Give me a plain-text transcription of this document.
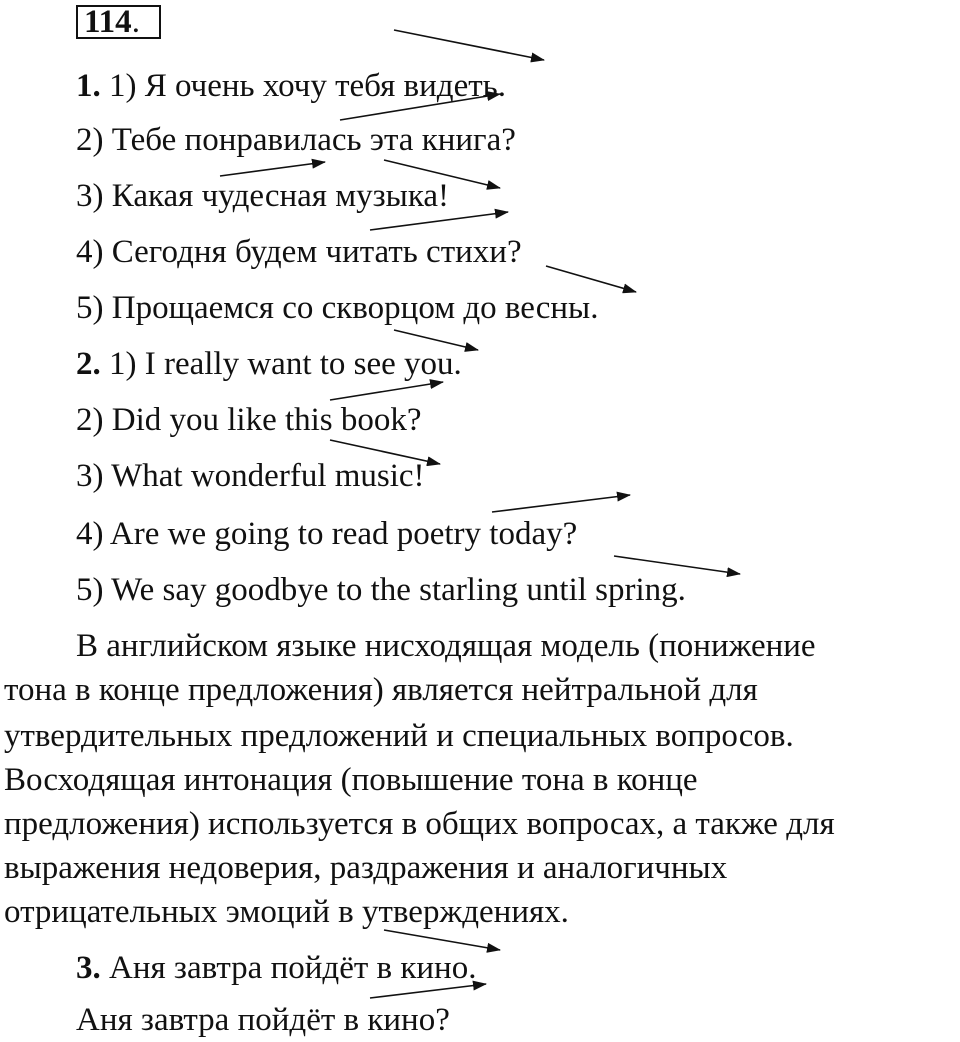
114.
1. 1) Я очень хочу тебя видеть.
2) Тебе понравилась эта книга?
3) Какая чудесная музыка!
4) Сегодня будем читать стихи?
5) Прощаемся со скворцом до весны.
2. 1) I really want to see you.
2) Did you like this book?
3) What wonderful music!
4) Are we going to read poetry today?
5) We say goodbye to the starling until spring.
В английском языке нисходящая модель (понижение
тона в конце предложения) является нейтральной для
утвердительных предложений и специальных вопросов.
Восходящая интонация (повышение тона в конце
предложения) используется в общих вопросах, а также для
выражения недоверия, раздражения и аналогичных
отрицательных эмоций в утверждениях.
3. Аня завтра пойдёт в кино.
Аня завтра пойдёт в кино?
